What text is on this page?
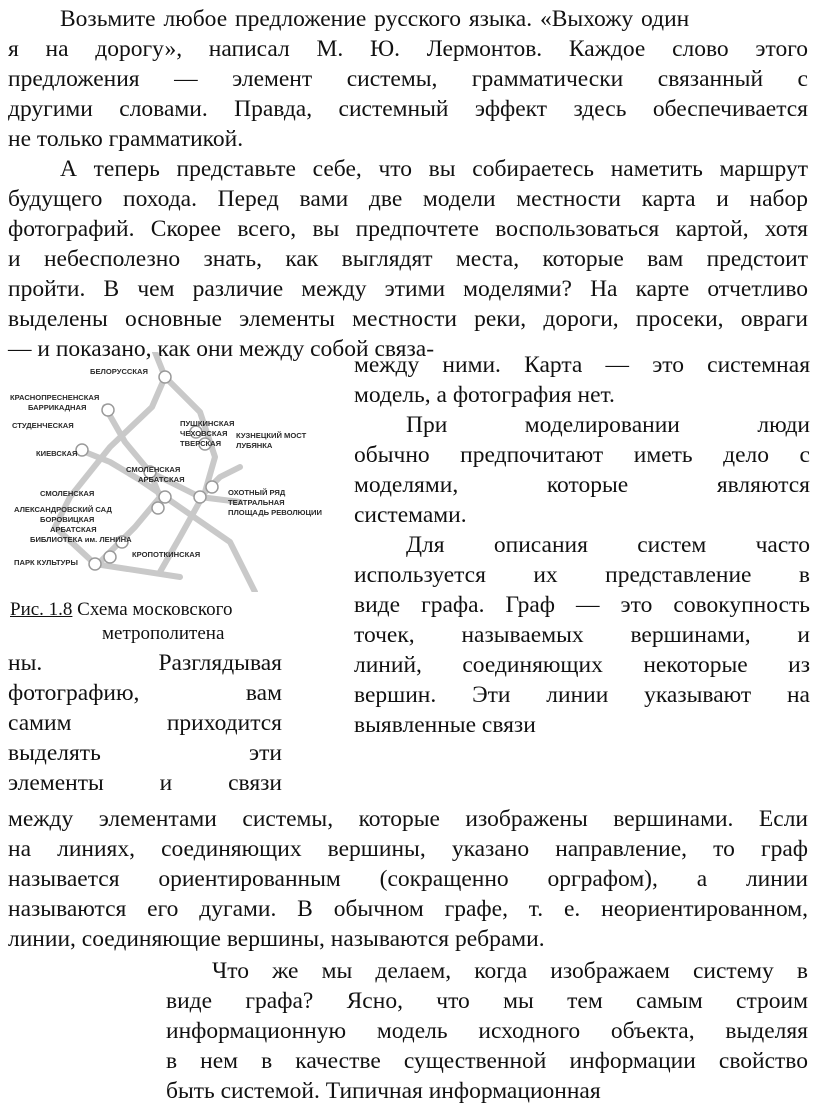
Возьмите любое предложение русского языка. «Выхожу один
я на дорогу», написал М. Ю. Лермонтов. Каждое слово этого
предложения — элемент системы, грамматически связанный с
другими словами. Правда, системный эффект здесь обеспечивается
не только грамматикой.
А теперь представьте себе, что вы собираетесь наметить маршрут
будущего похода. Перед вами две модели местности карта и набор
фотографий. Скорее всего, вы предпочтете воспользоваться картой, хотя
и небесполезно знать, как выглядят места, которые вам предстоит
пройти. В чем различие между этими моделями? На карте отчетливо
выделены основные элементы местности реки, дороги, просеки, овраги
— и показано, как они между собой связа-
БЕЛОРУССКАЯ
КРАСНОПРЕСНЕНСКАЯ
БАРРИКАДНАЯ
СТУДЕНЧЕСКАЯ
КИЕВСКАЯ
ПУШКИНСКАЯ
ЧЕХОВСКАЯ
ТВЕРСКАЯ
КУЗНЕЦКИЙ МОСТ
ЛУБЯНКА
СМОЛЕНСКАЯ
АРБАТСКАЯ
СМОЛЕНСКАЯ
АЛЕКСАНДРОВСКИЙ САД
БОРОВИЦКАЯ
АРБАТСКАЯ
БИБЛИОТЕКА им. ЛЕНИНА
ОХОТНЫЙ РЯД
ТЕАТРАЛЬНАЯ
ПЛОЩАДЬ РЕВОЛЮЦИИ
ПАРК КУЛЬТУРЫ
КРОПОТКИНСКАЯ
Рис. 1.8 Схема московского
метрополитена
между ними. Карта — это системная
модель, а фотография нет.
При моделировании люди
обычно предпочитают иметь дело с
моделями, которые являются
системами.
Для описания систем часто
используется их представление в
виде графа. Граф — это совокупность
точек, называемых вершинами, и
линий, соединяющих некоторые из
вершин. Эти линии указывают на
выявленные связи
ны. Разглядывая
фотографию, вам
самим приходится
выделять эти
элементы и связи
между элементами системы, которые изображены вершинами. Если
на линиях, соединяющих вершины, указано направление, то граф
называется ориентированным (сокращенно орграфом), а линии
называются его дугами. В обычном графе, т. е. неориентированном,
линии, соединяющие вершины, называются ребрами.
Что же мы делаем, когда изображаем систему в
виде графа? Ясно, что мы тем самым строим
информационную модель исходного объекта, выделяя
в нем в качестве существенной информации свойство
быть системой. Типичная информационная
